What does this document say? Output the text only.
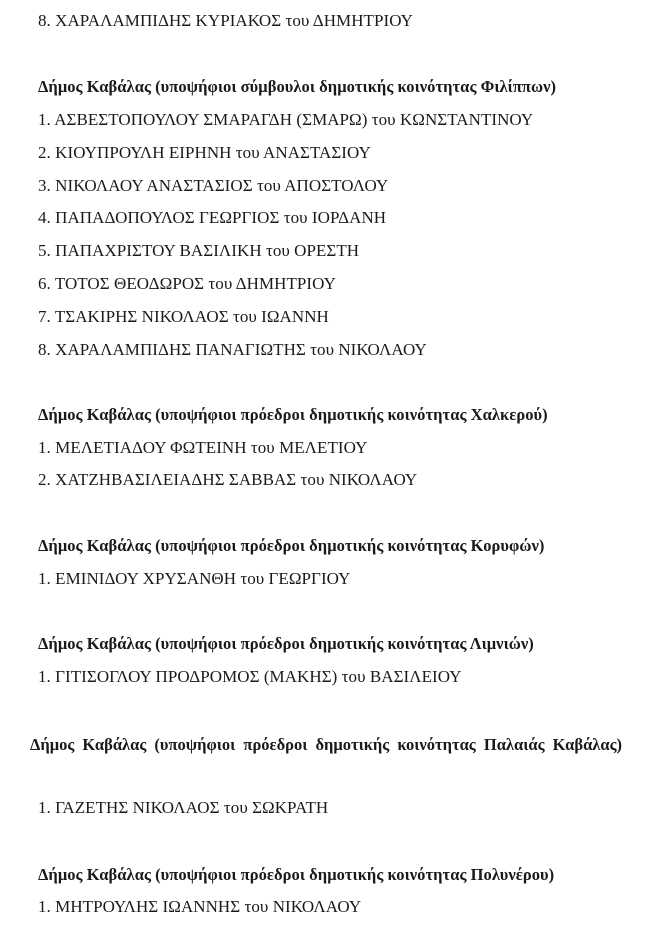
8. ΧΑΡΑΛΑΜΠΙΔΗΣ ΚΥΡΙΑΚΟΣ του ΔΗΜΗΤΡΙΟΥ
Δήμος Καβάλας (υποψήφιοι σύμβουλοι δημοτικής κοινότητας Φιλίππων)
1. ΑΣΒΕΣΤΟΠΟΥΛΟΥ ΣΜΑΡΑΓΔΗ (ΣΜΑΡΩ) του ΚΩΝΣΤΑΝΤΙΝΟΥ
2. ΚΙΟΥΠΡΟΥΛΗ ΕΙΡΗΝΗ του ΑΝΑΣΤΑΣΙΟΥ
3. ΝΙΚΟΛΑΟΥ ΑΝΑΣΤΑΣΙΟΣ του ΑΠΟΣΤΟΛΟΥ
4. ΠΑΠΑΔΟΠΟΥΛΟΣ ΓΕΩΡΓΙΟΣ του ΙΟΡΔΑΝΗ
5. ΠΑΠΑΧΡΙΣΤΟΥ ΒΑΣΙΛΙΚΗ του ΟΡΕΣΤΗ
6. ΤΟΤΟΣ ΘΕΟΔΩΡΟΣ του ΔΗΜΗΤΡΙΟΥ
7. ΤΣΑΚΙΡΗΣ ΝΙΚΟΛΑΟΣ του ΙΩΑΝΝΗ
8. ΧΑΡΑΛΑΜΠΙΔΗΣ ΠΑΝΑΓΙΩΤΗΣ του ΝΙΚΟΛΑΟΥ
Δήμος Καβάλας (υποψήφιοι πρόεδροι δημοτικής κοινότητας Χαλκερού)
1. ΜΕΛΕΤΙΑΔΟΥ ΦΩΤΕΙΝΗ του ΜΕΛΕΤΙΟΥ
2. ΧΑΤΖΗΒΑΣΙΛΕΙΑΔΗΣ ΣΑΒΒΑΣ του ΝΙΚΟΛΑΟΥ
Δήμος Καβάλας (υποψήφιοι πρόεδροι δημοτικής κοινότητας Κορυφών)
1. ΕΜΙΝΙΔΟΥ ΧΡΥΣΑΝΘΗ του ΓΕΩΡΓΙΟΥ
Δήμος Καβάλας (υποψήφιοι πρόεδροι δημοτικής κοινότητας Λιμνιών)
1. ΓΙΤΙΣΟΓΛΟΥ ΠΡΟΔΡΟΜΟΣ (ΜΑΚΗΣ) του ΒΑΣΙΛΕΙΟΥ
Δήμος Καβάλας (υποψήφιοι πρόεδροι δημοτικής κοινότητας Παλαιάς Καβάλας)
1. ΓΑΖΕΤΗΣ ΝΙΚΟΛΑΟΣ του ΣΩΚΡΑΤΗ
Δήμος Καβάλας (υποψήφιοι πρόεδροι δημοτικής κοινότητας Πολυνέρου)
1. ΜΗΤΡΟΥΛΗΣ ΙΩΑΝΝΗΣ του ΝΙΚΟΛΑΟΥ
